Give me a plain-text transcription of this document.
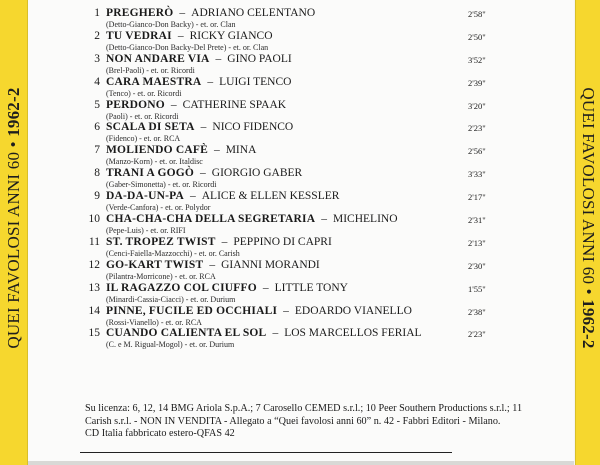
QUEI FAVOLOSI ANNI 60 • 1962-2
1 PREGHERÒ – ADRIANO CELENTANO
(Detto-Gianco-Don Backy) - et. or. Clan
2'58"
2 TU VEDRAI – RICKY GIANCO
(Detto-Gianco-Don Backy-Del Prete) - et. or. Clan
2'50"
3 NON ANDARE VIA – GINO PAOLI
(Brel-Paoli) - et. or. Ricordi
3'52"
4 CARA MAESTRA – LUIGI TENCO
(Tenco) - et. or. Ricordi
2'39"
5 PERDONO – CATHERINE SPAAK
(Paoli) - et. or. Ricordi
3'20"
6 SCALA DI SETA – NICO FIDENCO
(Fidenco) - et. or. RCA
2'23"
7 MOLIENDO CAFÈ – MINA
(Manzo-Korn) - et. or. Italdisc
2'56"
8 TRANI A GOGÒ – GIORGIO GABER
(Gaber-Simonetta) - et. or. Ricordi
3'33"
9 DA-DA-UN-PA – ALICE & ELLEN KESSLER
(Verde-Canfora) - et. or. Polydor
2'17"
10 CHA-CHA-CHA DELLA SEGRETARIA – MICHELINO
(Pepe-Luis) - et. or. RIFI
2'31"
11 ST. TROPEZ TWIST – PEPPINO DI CAPRI
(Cenci-Faiella-Mazzocchi) - et. or. Carish
2'13"
12 GO-KART TWIST – GIANNI MORANDI
(Pilantra-Morricone) - et. or. RCA
2'30"
13 IL RAGAZZO COL CIUFFO – LITTLE TONY
(Minardi-Cassia-Ciacci) - et. or. Durium
1'55"
14 PINNE, FUCILE ED OCCHIALI – EDOARDO VIANELLO
(Rossi-Vianello) - et. or. RCA
2'38"
15 CUANDO CALIENTA EL SOL – LOS MARCELLOS FERIAL
(C. e M. Rigual-Mogol) - et. or. Durium
2'23"
Su licenza: 6, 12, 14 BMG Ariola S.p.A.; 7 Carosello CEMED s.r.l.; 10 Peer Southern Productions s.r.l.; 11
Carish s.r.l. - NON IN VENDITA - Allegato a “Quei favolosi anni 60” n. 42 - Fabbri Editori - Milano.
CD Italia fabbricato estero-QFAS 42
QUEI FAVOLOSI ANNI 60 • 1962-2
